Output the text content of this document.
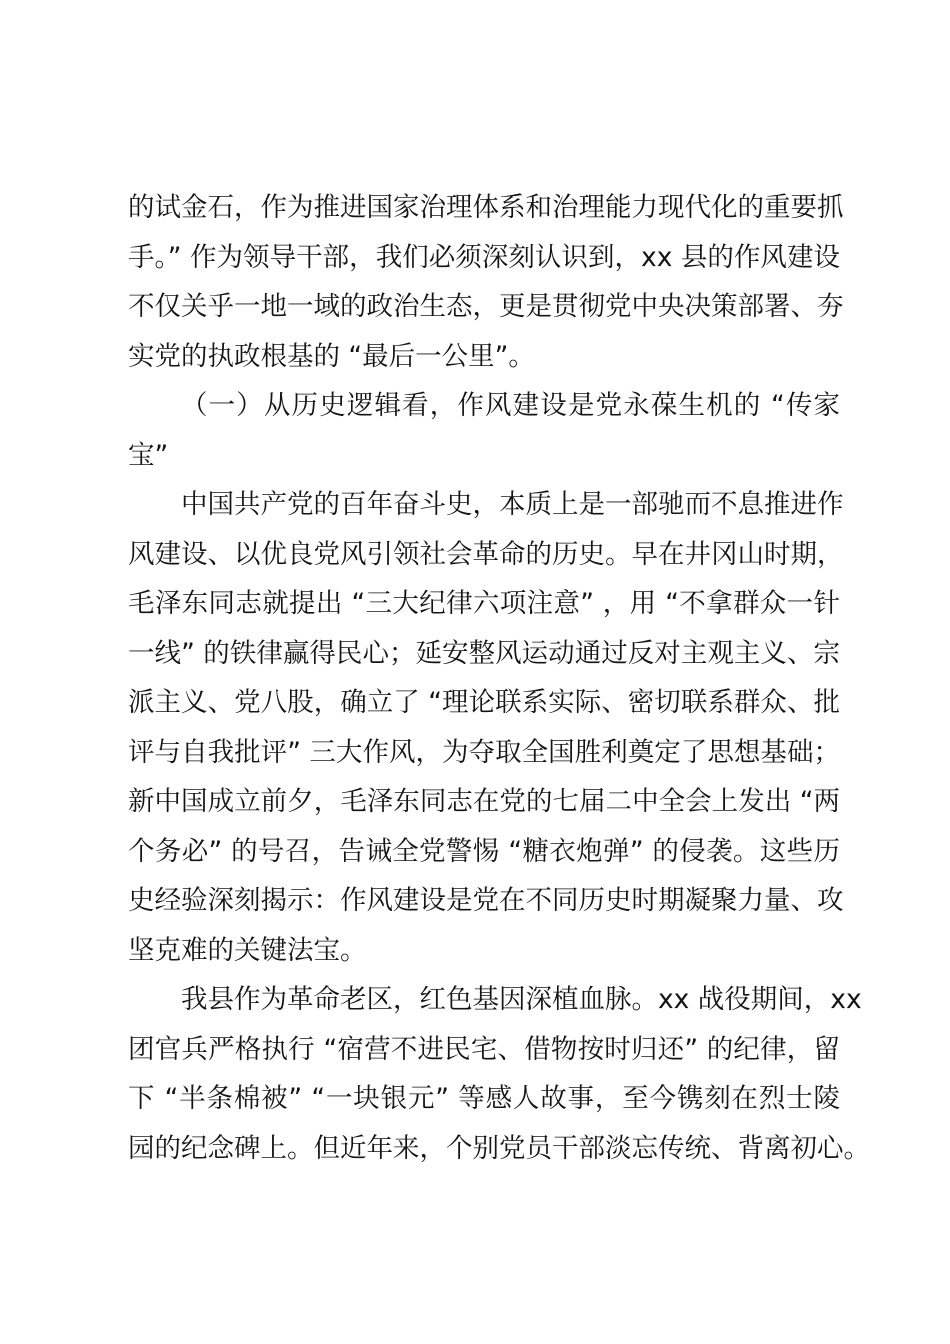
的试金石，作为推进国家治理体系和治理能力现代化的重要抓
手。” 作为领导干部，我们必须深刻认识到，xx 县的作风建设
不仅关乎一地一域的政治生态，更是贯彻党中央决策部署、夯
实党的执政根基的 “最后一公里”。
（一）从历史逻辑看，作风建设是党永葆生机的 “传家
宝”
中国共产党的百年奋斗史，本质上是一部驰而不息推进作
风建设、以优良党风引领社会革命的历史。早在井冈山时期，
毛泽东同志就提出 “三大纪律六项注意” ，用 “不拿群众一针
一线” 的铁律赢得民心；延安整风运动通过反对主观主义、宗
派主义、党八股，确立了 “理论联系实际、密切联系群众、批
评与自我批评” 三大作风，为夺取全国胜利奠定了思想基础；
新中国成立前夕，毛泽东同志在党的七届二中全会上发出 “两
个务必” 的号召，告诫全党警惕 “糖衣炮弹” 的侵袭。这些历
史经验深刻揭示：作风建设是党在不同历史时期凝聚力量、攻
坚克难的关键法宝。
我县作为革命老区，红色基因深植血脉。xx 战役期间，xx
团官兵严格执行 “宿营不进民宅、借物按时归还” 的纪律，留
下 “半条棉被” “一块银元” 等感人故事，至今镌刻在烈士陵
园的纪念碑上。但近年来，个别党员干部淡忘传统、背离初心。
